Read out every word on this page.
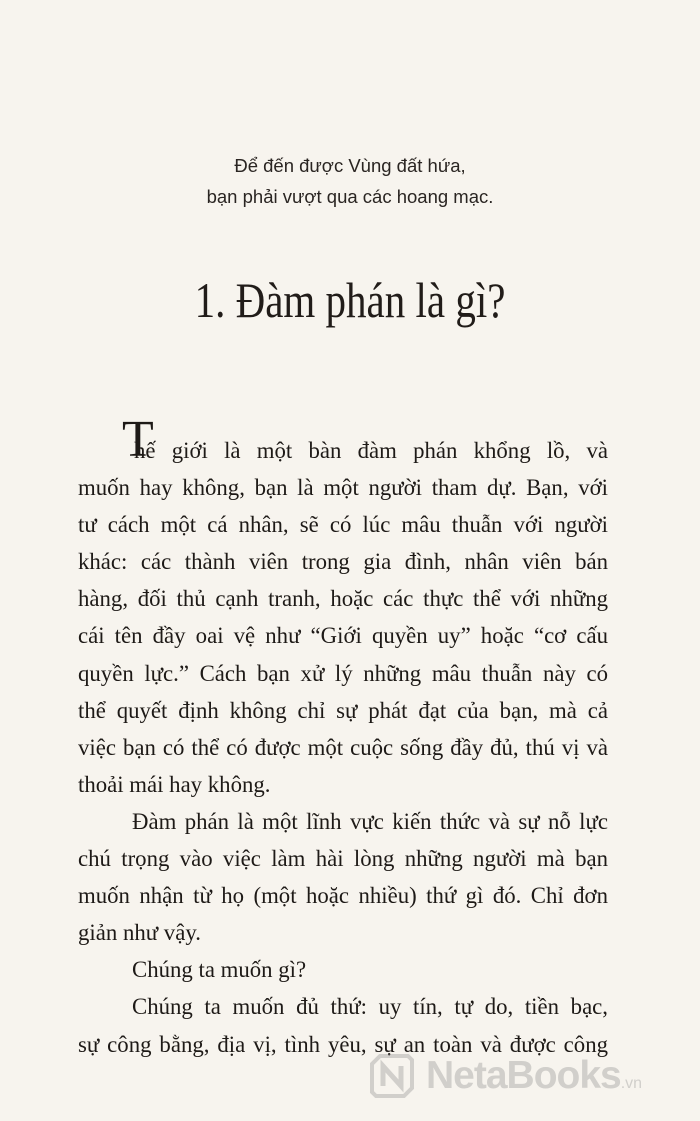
Để đến được Vùng đất hứa,
bạn phải vượt qua các hoang mạc.
1. Đàm phán là gì?
T
hế giới là một bàn đàm phán khổng lồ, và
muốn hay không, bạn là một người tham dự. Bạn, với
tư cách một cá nhân, sẽ có lúc mâu thuẫn với người
khác: các thành viên trong gia đình, nhân viên bán
hàng, đối thủ cạnh tranh, hoặc các thực thể với những
cái tên đầy oai vệ như “Giới quyền uy” hoặc “cơ cấu
quyền lực.” Cách bạn xử lý những mâu thuẫn này có
thể quyết định không chỉ sự phát đạt của bạn, mà cả
việc bạn có thể có được một cuộc sống đầy đủ, thú vị và
thoải mái hay không.
Đàm phán là một lĩnh vực kiến thức và sự nỗ lực
chú trọng vào việc làm hài lòng những người mà bạn
muốn nhận từ họ (một hoặc nhiều) thứ gì đó. Chỉ đơn
giản như vậy.
Chúng ta muốn gì?
Chúng ta muốn đủ thứ: uy tín, tự do, tiền bạc,
sự công bằng, địa vị, tình yêu, sự an toàn và được công
NetaBooks.vn
